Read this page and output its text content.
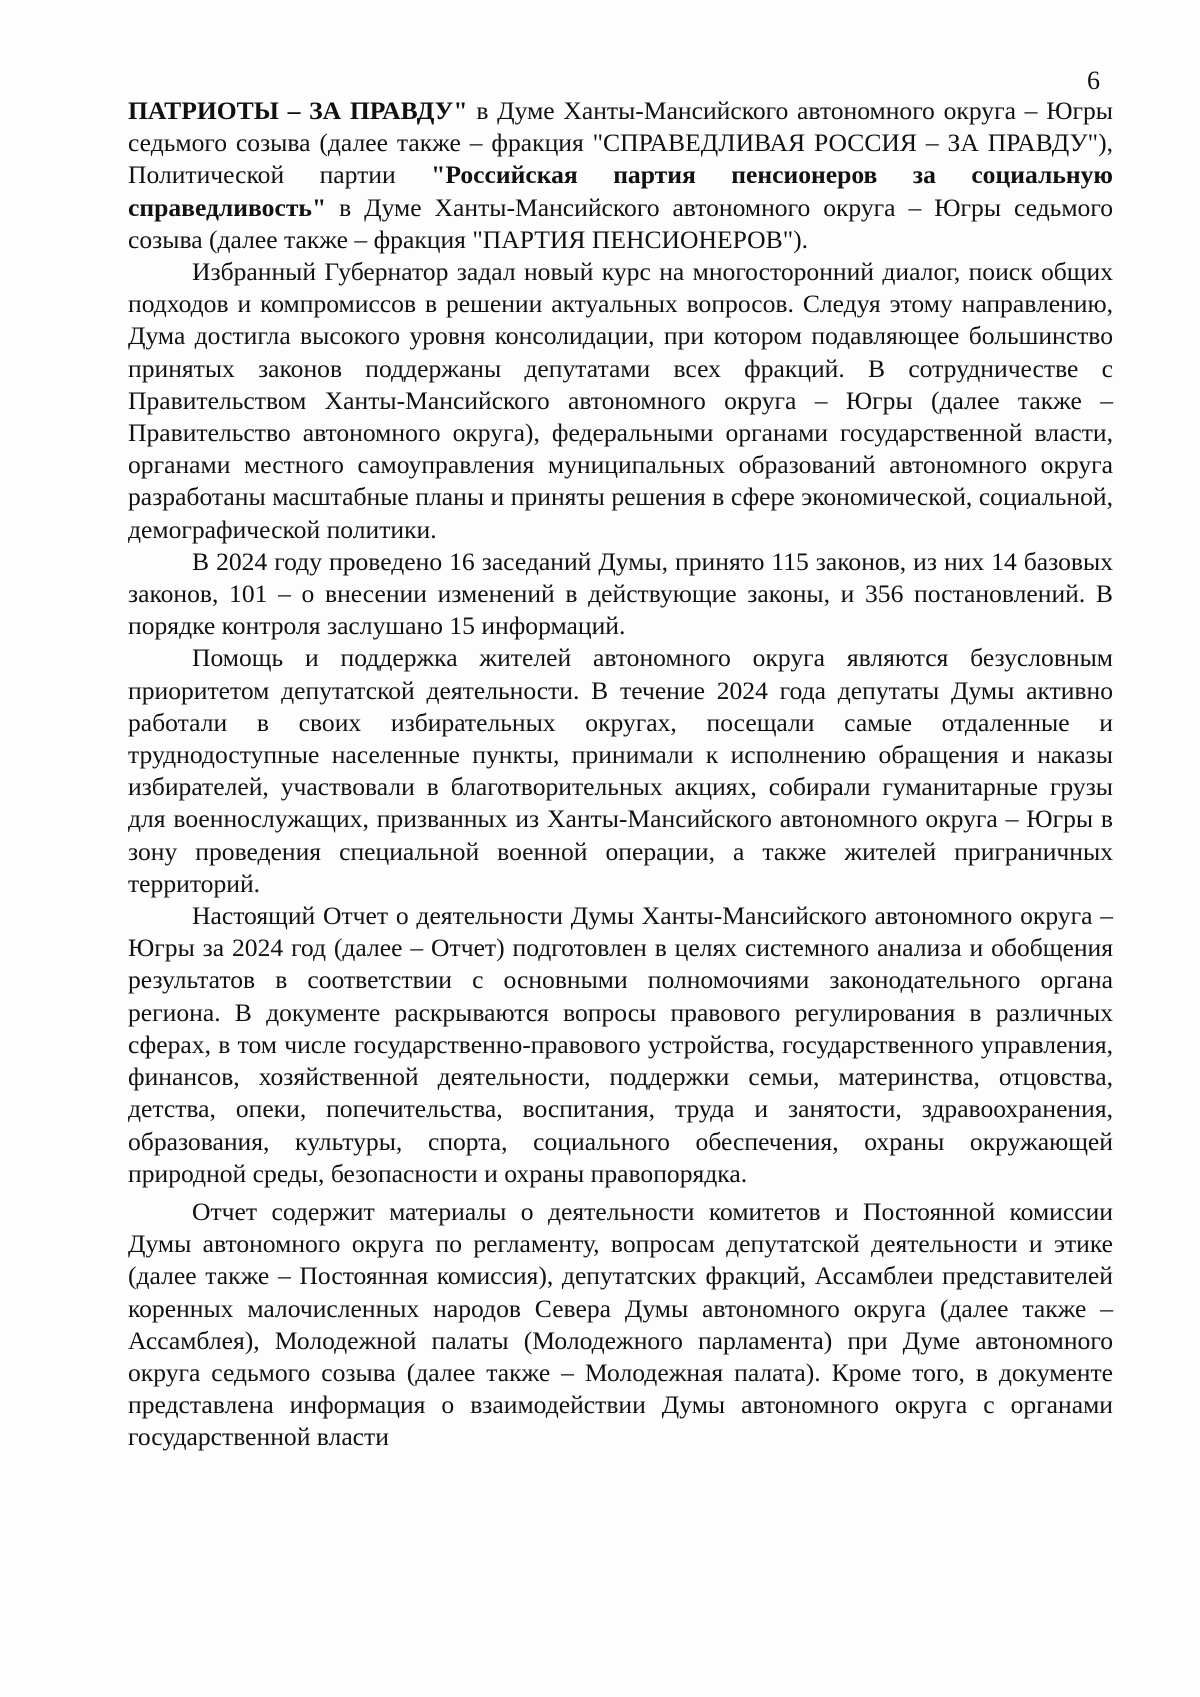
6

ПАТРИОТЫ – ЗА ПРАВДУ" в Думе Ханты-Мансийского автономного округа – Югры седьмого созыва (далее также – фракция "СПРАВЕДЛИВАЯ РОССИЯ – ЗА ПРАВДУ"), Политической партии "Российская партия пенсионеров за социальную справедливость" в Думе Ханты-Мансийского автономного округа – Югры седьмого созыва (далее также – фракция "ПАРТИЯ ПЕНСИОНЕРОВ").

Избранный Губернатор задал новый курс на многосторонний диалог, поиск общих подходов и компромиссов в решении актуальных вопросов. Следуя этому направлению, Дума достигла высокого уровня консолидации, при котором подавляющее большинство принятых законов поддержаны депутатами всех фракций. В сотрудничестве с Правительством Ханты-Мансийского автономного округа – Югры (далее также – Правительство автономного округа), федеральными органами государственной власти, органами местного самоуправления муниципальных образований автономного округа разработаны масштабные планы и приняты решения в сфере экономической, социальной, демографической политики.

В 2024 году проведено 16 заседаний Думы, принято 115 законов, из них 14 базовых законов, 101 – о внесении изменений в действующие законы, и 356 постановлений. В порядке контроля заслушано 15 информаций.

Помощь и поддержка жителей автономного округа являются безусловным приоритетом депутатской деятельности. В течение 2024 года депутаты Думы активно работали в своих избирательных округах, посещали самые отдаленные и труднодоступные населенные пункты, принимали к исполнению обращения и наказы избирателей, участвовали в благотворительных акциях, собирали гуманитарные грузы для военнослужащих, призванных из Ханты-Мансийского автономного округа – Югры в зону проведения специальной военной операции, а также жителей приграничных территорий.

Настоящий Отчет о деятельности Думы Ханты-Мансийского автономного округа – Югры за 2024 год (далее – Отчет) подготовлен в целях системного анализа и обобщения результатов в соответствии с основными полномочиями законодательного органа региона. В документе раскрываются вопросы правового регулирования в различных сферах, в том числе государственно-правового устройства, государственного управления, финансов, хозяйственной деятельности, поддержки семьи, материнства, отцовства, детства, опеки, попечительства, воспитания, труда и занятости, здравоохранения, образования, культуры, спорта, социального обеспечения, охраны окружающей природной среды, безопасности и охраны правопорядка.

Отчет содержит материалы о деятельности комитетов и Постоянной комиссии Думы автономного округа по регламенту, вопросам депутатской деятельности и этике (далее также – Постоянная комиссия), депутатских фракций, Ассамблеи представителей коренных малочисленных народов Севера Думы автономного округа (далее также – Ассамблея), Молодежной палаты (Молодежного парламента) при Думе автономного округа седьмого созыва (далее также – Молодежная палата). Кроме того, в документе представлена информация о взаимодействии Думы автономного округа с органами государственной власти
